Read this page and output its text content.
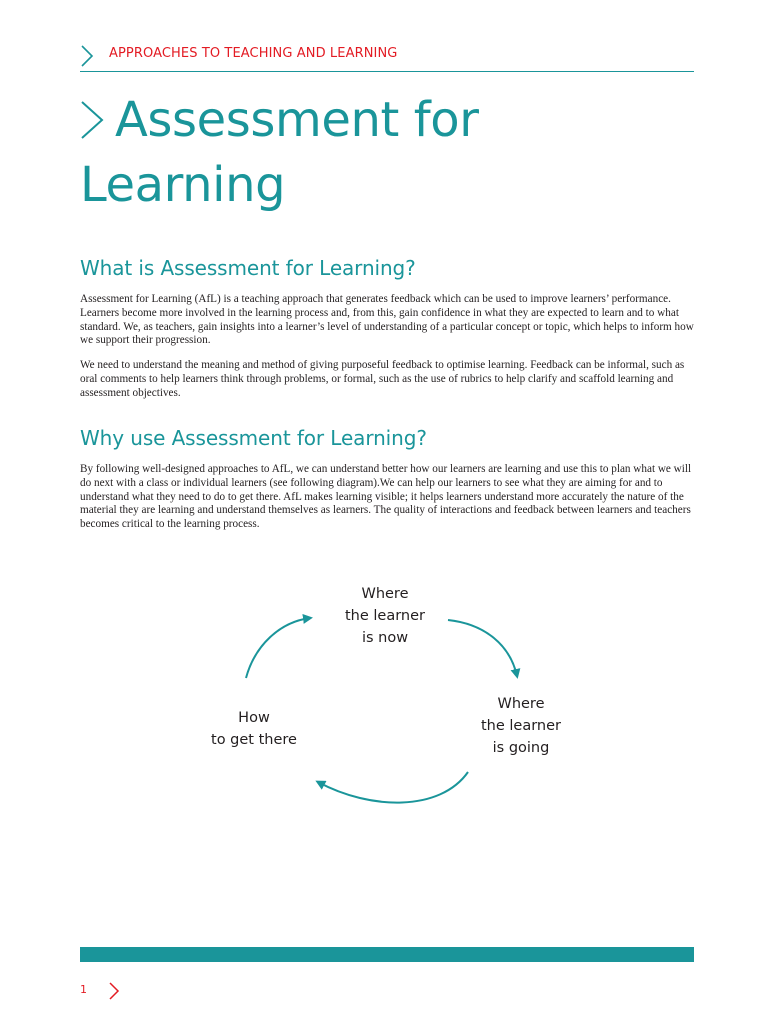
APPROACHES TO TEACHING AND LEARNING
Assessment for Learning
What is Assessment for Learning?

Assessment for Learning (AfL) is a teaching approach that generates feedback which can be used to improve learners’ performance. Learners become more involved in the learning process and, from this, gain confidence in what they are expected to learn and to what standard. We, as teachers, gain insights into a learner’s level of understanding of a particular concept or topic, which helps to inform how we support their progression.

We need to understand the meaning and method of giving purposeful feedback to optimise learning. Feedback can be informal, such as oral comments to help learners think through problems, or formal, such as the use of rubrics to help clarify and scaffold learning and assessment objectives.

Why use Assessment for Learning?

By following well-designed approaches to AfL, we can understand better how our learners are learning and use this to plan what we will do next with a class or individual learners (see following diagram).We can help our learners to see what they are aiming for and to understand what they need to do to get there. AfL makes learning visible; it helps learners understand more accurately the nature of the material they are learning and understand themselves as learners. The quality of interactions and feedback between learners and teachers becomes critical to the learning process.

Where
the learner
is now
Where
the learner
is going
How
to get there
1
